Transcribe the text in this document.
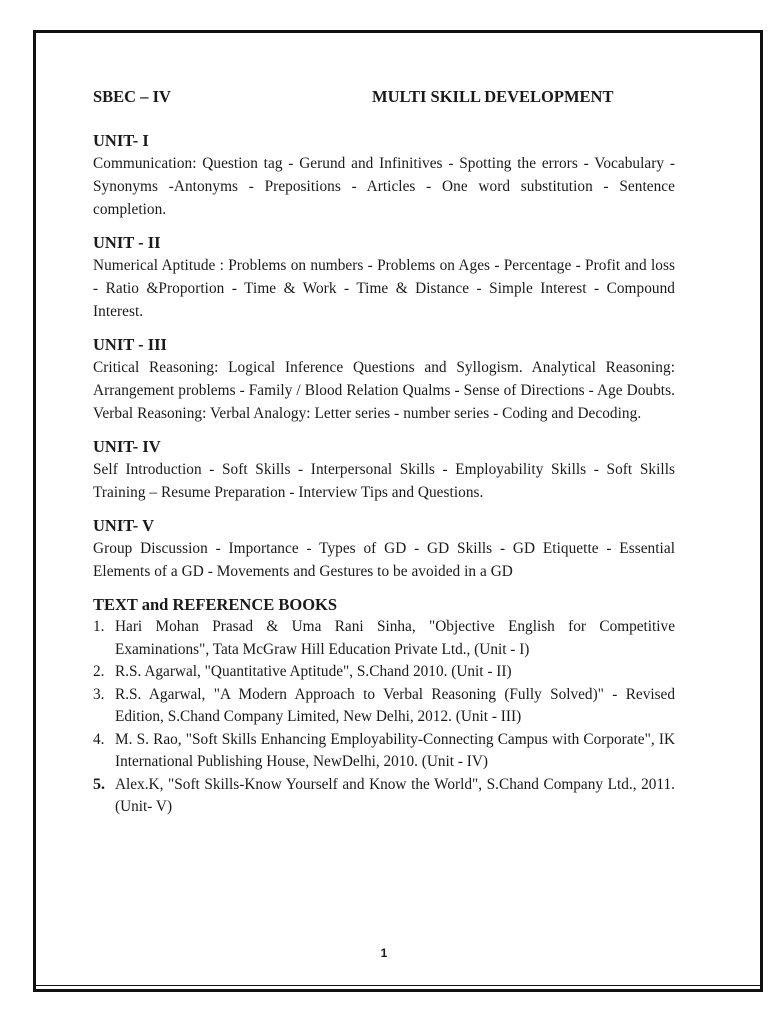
SBEC – IV	MULTI SKILL DEVELOPMENT
UNIT- I

Communication: Question tag - Gerund and Infinitives - Spotting the errors - Vocabulary - Synonyms -Antonyms - Prepositions - Articles - One word substitution - Sentence completion.

UNIT - II

Numerical Aptitude : Problems on numbers - Problems on Ages - Percentage - Profit and loss - Ratio &Proportion - Time & Work - Time & Distance - Simple Interest - Compound Interest.

UNIT - III

Critical Reasoning: Logical Inference Questions and Syllogism. Analytical Reasoning: Arrangement problems - Family / Blood Relation Qualms - Sense of Directions - Age Doubts. Verbal Reasoning: Verbal Analogy: Letter series - number series - Coding and Decoding.

UNIT- IV

Self Introduction - Soft Skills - Interpersonal Skills - Employability Skills - Soft Skills Training – Resume Preparation - Interview Tips and Questions.

UNIT- V

Group Discussion - Importance - Types of GD - GD Skills - GD Etiquette - Essential Elements of a GD - Movements and Gestures to be avoided in a GD

TEXT and REFERENCE BOOKS
1. Hari Mohan Prasad & Uma Rani Sinha, "Objective English for Competitive Examinations", Tata McGraw Hill Education Private Ltd., (Unit - I)
2. R.S. Agarwal, "Quantitative Aptitude", S.Chand 2010. (Unit - II)
3. R.S. Agarwal, "A Modern Approach to Verbal Reasoning (Fully Solved)" - Revised Edition, S.Chand Company Limited, New Delhi, 2012. (Unit - III)
4. M. S. Rao, "Soft Skills Enhancing Employability-Connecting Campus with Corporate", IK International Publishing House, NewDelhi, 2010. (Unit - IV)
5. Alex.K, "Soft Skills-Know Yourself and Know the World", S.Chand Company Ltd., 2011. (Unit- V)
1
